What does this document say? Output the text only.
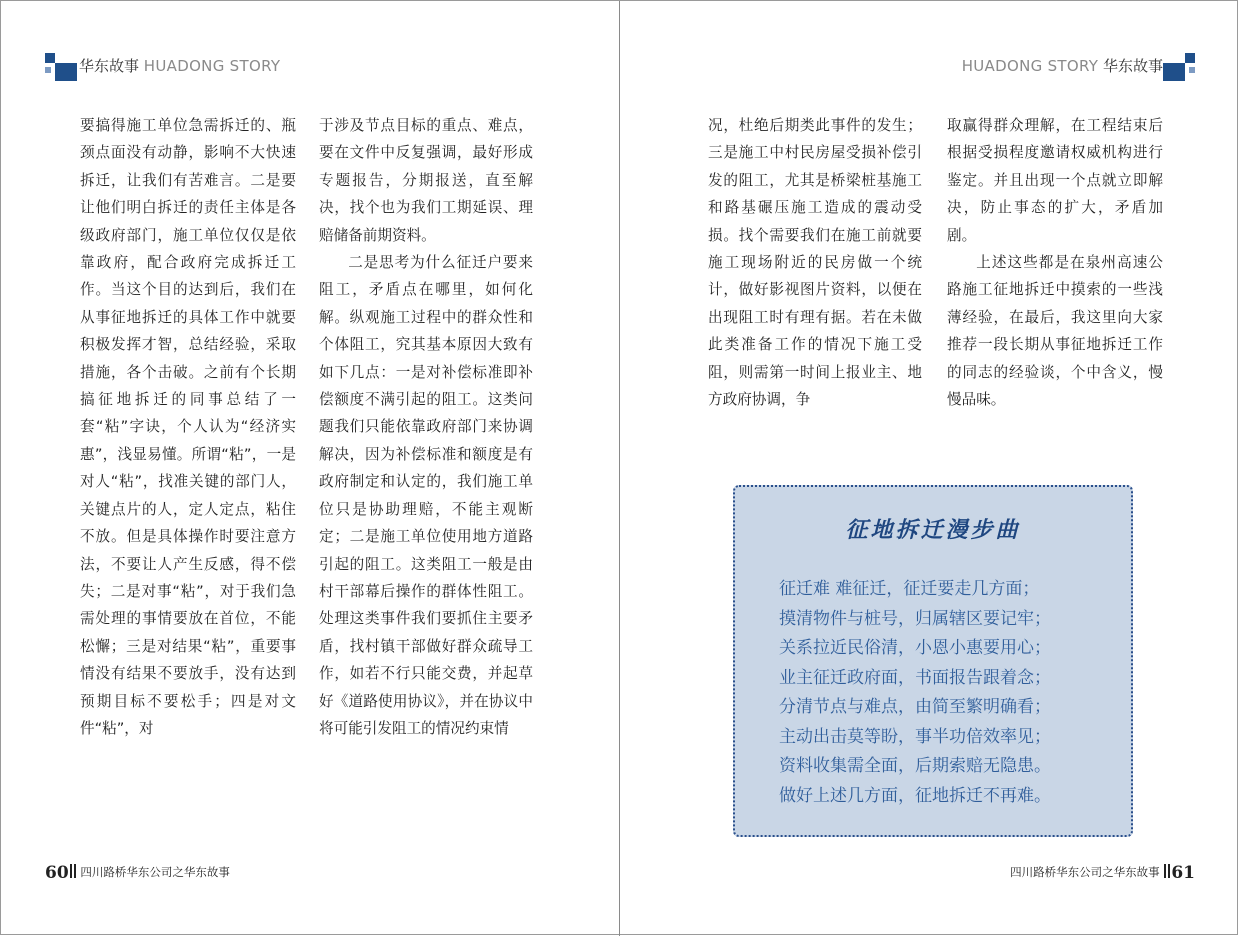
华东故事 HUADONG STORY

要搞得施工单位急需拆迁的、瓶颈点面没有动静，影响不大快速拆迁，让我们有苦难言。二是要让他们明白拆迁的责任主体是各级政府部门，施工单位仅仅是依靠政府，配合政府完成拆迁工作。当这个目的达到后，我们在从事征地拆迁的具体工作中就要积极发挥才智，总结经验，采取措施，各个击破。之前有个长期搞征地拆迁的同事总结了一套“粘”字诀，个人认为“经济实惠”，浅显易懂。所谓“粘”，一是对人“粘”，找准关键的部门人，关键点片的人，定人定点，粘住不放。但是具体操作时要注意方法，不要让人产生反感，得不偿失；二是对事“粘”，对于我们急需处理的事情要放在首位，不能松懈；三是对结果“粘”，重要事情没有结果不要放手，没有达到预期目标不要松手；四是对文件“粘”，对

于涉及节点目标的重点、难点，要在文件中反复强调，最好形成专题报告，分期报送，直至解决，找个也为我们工期延误、理赔储备前期资料。

二是思考为什么征迁户要来阻工，矛盾点在哪里，如何化解。纵观施工过程中的群众性和个体阻工，究其基本原因大致有如下几点：一是对补偿标准即补偿额度不满引起的阻工。这类问题我们只能依靠政府部门来协调解决，因为补偿标准和额度是有政府制定和认定的，我们施工单位只是协助理赔，不能主观断定；二是施工单位使用地方道路引起的阻工。这类阻工一般是由村干部幕后操作的群体性阻工。处理这类事件我们要抓住主要矛盾，找村镇干部做好群众疏导工作，如若不行只能交费，并起草好《道路使用协议》，并在协议中将可能引发阻工的情况约束情

60 四川路桥华东公司之华东故事
HUADONG STORY 华东故事

况，杜绝后期类此事件的发生；三是施工中村民房屋受损补偿引发的阻工，尤其是桥梁桩基施工和路基碾压施工造成的震动受损。找个需要我们在施工前就要施工现场附近的民房做一个统计，做好影视图片资料，以便在出现阻工时有理有据。若在未做此类准备工作的情况下施工受阻，则需第一时间上报业主、地方政府协调，争

取赢得群众理解，在工程结束后根据受损程度邀请权威机构进行鉴定。并且出现一个点就立即解决，防止事态的扩大，矛盾加剧。

上述这些都是在泉州高速公路施工征地拆迁中摸索的一些浅薄经验，在最后，我这里向大家推荐一段长期从事征地拆迁工作的同志的经验谈，个中含义，慢慢品味。

征地拆迁漫步曲
征迁难 难征迁，征迁要走几方面；
摸清物件与桩号，归属辖区要记牢；
关系拉近民俗清，小恩小惠要用心；
业主征迁政府面，书面报告跟着念；
分清节点与难点，由简至繁明确看；
主动出击莫等盼，事半功倍效率见；
资料收集需全面，后期索赔无隐患。
做好上述几方面，征地拆迁不再难。
四川路桥华东公司之华东故事 61
